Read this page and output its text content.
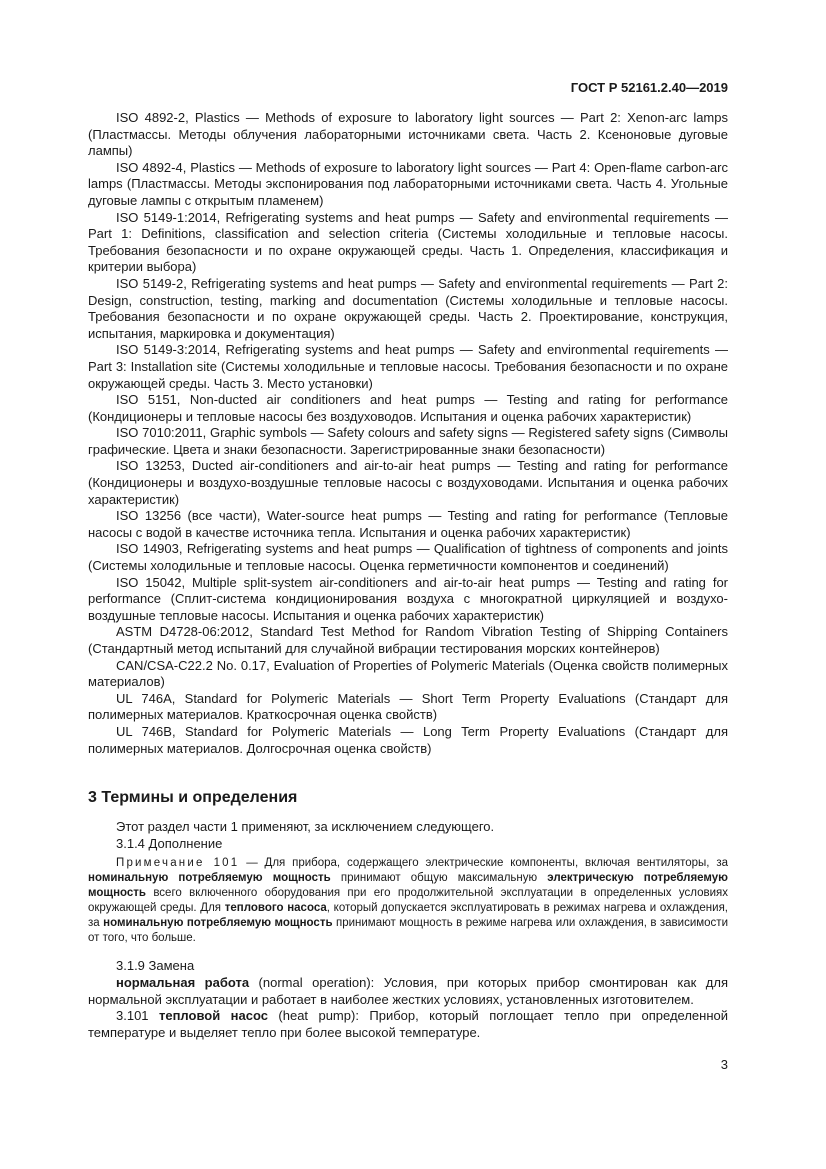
ГОСТ Р 52161.2.40—2019

ISO 4892-2, Plastics — Methods of exposure to laboratory light sources — Part 2: Xenon-arc lamps (Пластмассы. Методы облучения лабораторными источниками света. Часть 2. Ксеноновые дуговые лампы)

ISO 4892-4, Plastics — Methods of exposure to laboratory light sources — Part 4: Open-flame carbon-arc lamps (Пластмассы. Методы экспонирования под лабораторными источниками света. Часть 4. Угольные дуговые лампы с открытым пламенем)

ISO 5149-1:2014, Refrigerating systems and heat pumps — Safety and environmental requirements — Part 1: Definitions, classification and selection criteria (Системы холодильные и тепловые насосы. Требования безопасности и по охране окружающей среды. Часть 1. Определения, классификация и критерии выбора)

ISO 5149-2, Refrigerating systems and heat pumps — Safety and environmental requirements — Part 2: Design, construction, testing, marking and documentation (Системы холодильные и тепловые насосы. Требования безопасности и по охране окружающей среды. Часть 2. Проектирование, конструкция, испытания, маркировка и документация)

ISO 5149-3:2014, Refrigerating systems and heat pumps — Safety and environmental requirements — Part 3: Installation site (Системы холодильные и тепловые насосы. Требования безопасности и по охране окружающей среды. Часть 3. Место установки)

ISO 5151, Non-ducted air conditioners and heat pumps — Testing and rating for performance (Кондиционеры и тепловые насосы без воздуховодов. Испытания и оценка рабочих характеристик)

ISO 7010:2011, Graphic symbols — Safety colours and safety signs — Registered safety signs (Символы графические. Цвета и знаки безопасности. Зарегистрированные знаки безопасности)

ISO 13253, Ducted air-conditioners and air-to-air heat pumps — Testing and rating for performance (Кондиционеры и воздухо-воздушные тепловые насосы с воздуховодами. Испытания и оценка рабочих характеристик)

ISO 13256 (все части), Water-source heat pumps — Testing and rating for performance (Тепловые насосы с водой в качестве источника тепла. Испытания и оценка рабочих характеристик)

ISO 14903, Refrigerating systems and heat pumps — Qualification of tightness of components and joints (Системы холодильные и тепловые насосы. Оценка герметичности компонентов и соединений)

ISO 15042, Multiple split-system air-conditioners and air-to-air heat pumps — Testing and rating for performance (Сплит-система кондиционирования воздуха с многократной циркуляцией и воздухо-воздушные тепловые насосы. Испытания и оценка рабочих характеристик)

ASTM D4728-06:2012, Standard Test Method for Random Vibration Testing of Shipping Containers (Стандартный метод испытаний для случайной вибрации тестирования морских контейнеров)

CAN/CSA-C22.2 No. 0.17, Evaluation of Properties of Polymeric Materials (Оценка свойств полимерных материалов)

UL 746A, Standard for Polymeric Materials — Short Term Property Evaluations (Стандарт для полимерных материалов. Краткосрочная оценка свойств)

UL 746B, Standard for Polymeric Materials — Long Term Property Evaluations (Стандарт для полимерных материалов. Долгосрочная оценка свойств)

3 Термины и определения

Этот раздел части 1 применяют, за исключением следующего.

3.1.4 Дополнение

Примечание 101 — Для прибора, содержащего электрические компоненты, включая вентиляторы, за номинальную потребляемую мощность принимают общую максимальную электрическую потребляемую мощность всего включенного оборудования при его продолжительной эксплуатации в определенных условиях окружающей среды. Для теплового насоса, который допускается эксплуатировать в режимах нагрева и охлаждения, за номинальную потребляемую мощность принимают мощность в режиме нагрева или охлаждения, в зависимости от того, что больше.

3.1.9 Замена

нормальная работа (normal operation): Условия, при которых прибор смонтирован как для нормальной эксплуатации и работает в наиболее жестких условиях, установленных изготовителем.

3.101 тепловой насос (heat pump): Прибор, который поглощает тепло при определенной температуре и выделяет тепло при более высокой температуре.

3
